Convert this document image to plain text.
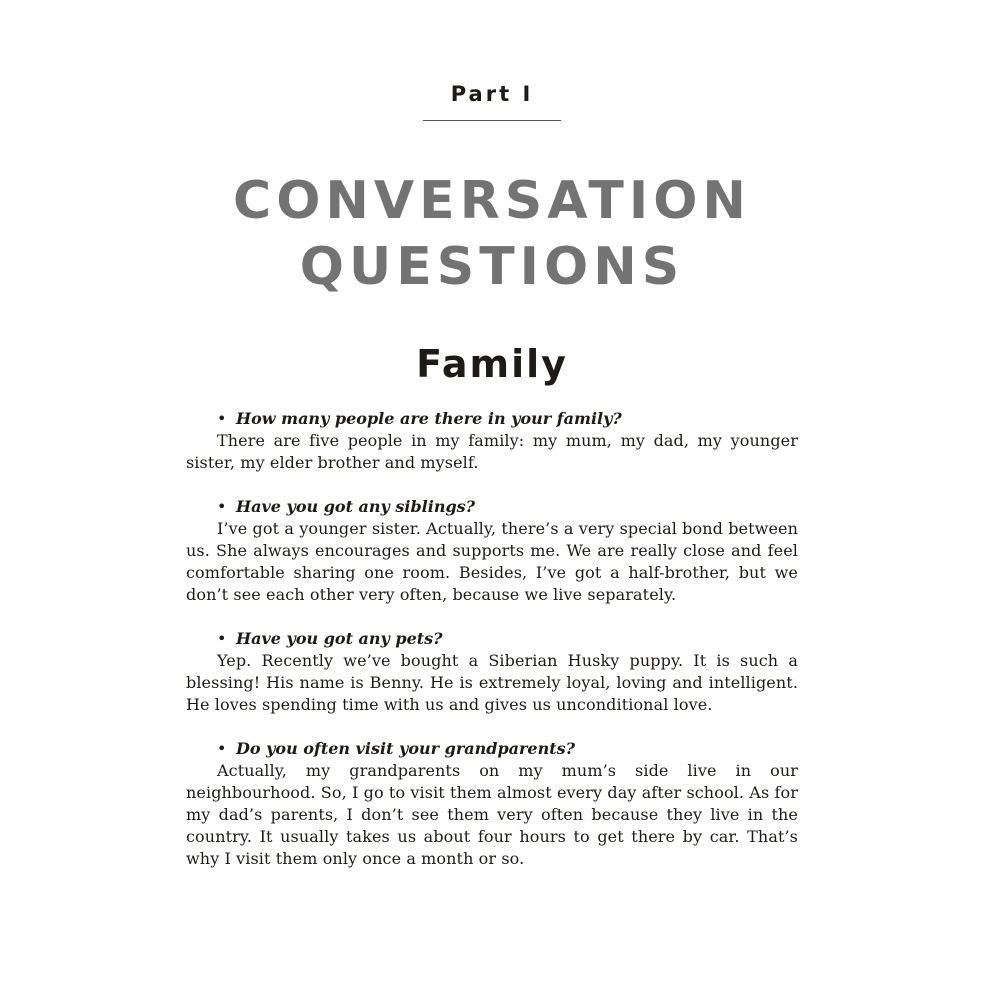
Part I
CONVERSATION
QUESTIONS
Family
• How many people are there in your family?
There are five people in my family: my mum, my dad, my younger sister, my elder brother and myself.
• Have you got any siblings?
I’ve got a younger sister. Actually, there’s a very special bond between us. She always encourages and supports me. We are really close and feel comfortable sharing one room. Besides, I’ve got a half-brother, but we don’t see each other very often, because we live separately.
• Have you got any pets?
Yep. Recently we’ve bought a Siberian Husky puppy. It is such a blessing! His name is Benny. He is extremely loyal, loving and intelligent. He loves spending time with us and gives us unconditional love.
• Do you often visit your grandparents?
Actually, my grandparents on my mum’s side live in our neighbourhood. So, I go to visit them almost every day after school. As for my dad’s parents, I don’t see them very often because they live in the country. It usually takes us about four hours to get there by car. That’s why I visit them only once a month or so.
